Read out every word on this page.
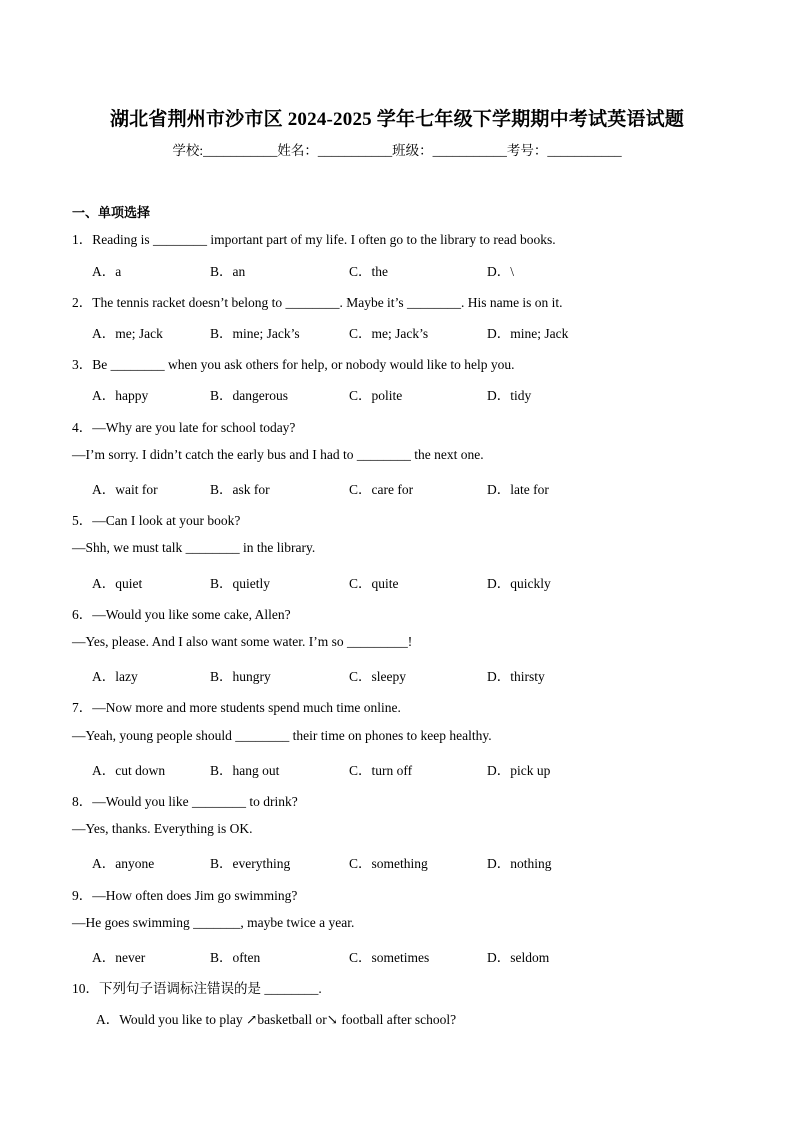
湖北省荆州市沙市区 2024-2025 学年七年级下学期期中考试英语试题
学校:___________姓名：___________班级：___________考号：___________
一、单项选择
1．Reading is ________ important part of my life. I often go to the library to read books.
A．a	B．an	C．the	D．\
2．The tennis racket doesn’t belong to ________. Maybe it’s ________. His name is on it.
A．me; Jack	B．mine; Jack’s	C．me; Jack’s	D．mine; Jack
3．Be ________ when you ask others for help, or nobody would like to help you.
A．happy	B．dangerous	C．polite	D．tidy
4．—Why are you late for school today?
—I’m sorry. I didn’t catch the early bus and I had to ________ the next one.
A．wait for	B．ask for	C．care for	D．late for
5．—Can I look at your book?
—Shh, we must talk ________ in the library.
A．quiet	B．quietly	C．quite	D．quickly
6．—Would you like some cake, Allen?
—Yes, please. And I also want some water. I’m so _________!
A．lazy	B．hungry	C．sleepy	D．thirsty
7．—Now more and more students spend much time online.
—Yeah, young people should ________ their time on phones to keep healthy.
A．cut down	B．hang out	C．turn off	D．pick up
8．—Would you like ________ to drink?
—Yes, thanks. Everything is OK.
A．anyone	B．everything	C．something	D．nothing
9．—How often does Jim go swimming?
—He goes swimming _______, maybe twice a year.
A．never	B．often	C．sometimes	D．seldom
10．下列句子语调标注错误的是 ________.
A．Would you like to play ↗basketball or↘ football after school?
